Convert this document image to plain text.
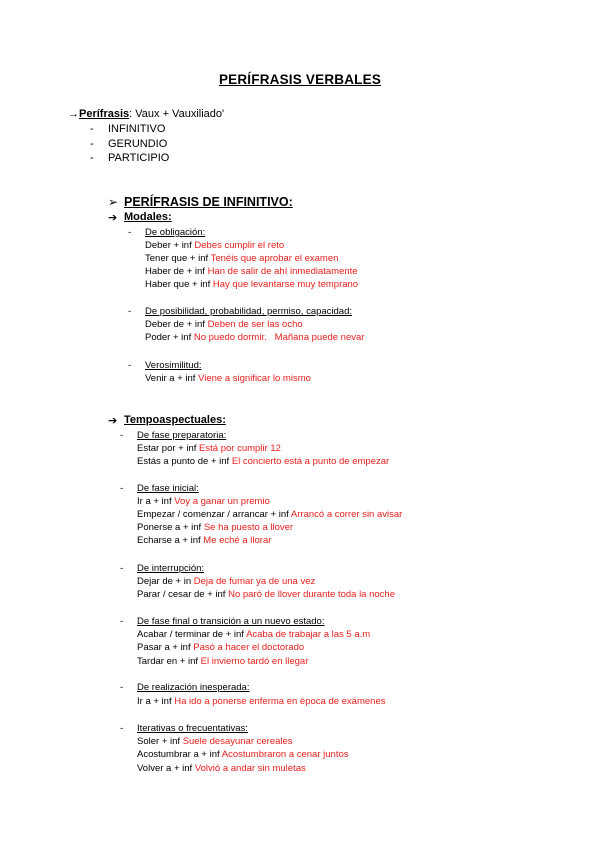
PERÍFRASIS VERBALES
→Perífrasis: Vaux + Vauxiliado'
- INFINITIVO
- GERUNDIO
- PARTICIPIO
➢ PERÍFRASIS DE INFINITIVO:
➔ Modales:
- De obligación:
Deber + inf Debes cumplir el reto
Tener que + inf Tenéis que aprobar el examen
Haber de + inf Han de salir de ahí inmediatamente
Haber que + inf Hay que levantarse muy temprano
- De posibilidad, probabilidad, permiso, capacidad:
Deber de + inf Deben de ser las ocho
Poder + inf No puedo dormir.   Mañana puede nevar
- Verosimilitud:
Venir a + inf Viene a significar lo mismo
➔ Tempoaspectuales:
- De fase preparatoria:
Estar por + inf Está por cumplir 12
Estás a punto de + inf El concierto está a punto de empezar
- De fase inicial:
Ir a + inf Voy a ganar un premio
Empezar / comenzar / arrancar + inf Arrancó a correr sin avisar
Ponerse a + inf Se ha puesto a llover
Echarse a + inf Me eché a llorar
- De interrupción:
Dejar de + in Deja de fumar ya de una vez
Parar / cesar de + inf No paró de llover durante toda la noche
- De fase final o transición a un nuevo estado:
Acabar / terminar de + inf Acaba de trabajar a las 5 a.m
Pasar a + inf Pasó a hacer el doctorado
Tardar en + inf El invierno tardó en llegar
- De realización inesperada:
Ir a + inf Ha ido a ponerse enferma en época de exámenes
- Iterativas o frecuentativas:
Soler + inf Suele desayunar cereales
Acostumbrar a + inf Acostumbraron a cenar juntos
Volver a + inf Volvió a andar sin muletas
